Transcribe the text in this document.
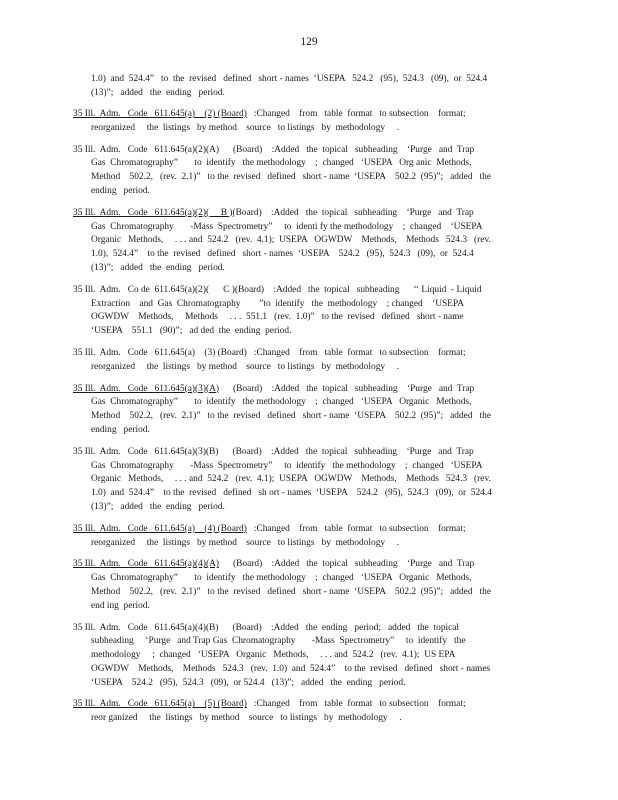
129
1.0)  and  524.4”   to  the  revised   defined   short - names  ‘USEPA   524.2   (95),  524.3   (09),  or  524.4
(13)”;   added   the  ending   period.
35 Ill.  Adm.   Code   611.645(a)    (2) (Board)   :Changed    from   table  format   to subsection    format;
reorganized     the  listings   by method    source   to listings   by  methodology     .
35 Ill.  Adm.   Code   611.645(a)(2)(A)      (Board)    :Added   the  topical   subheading    ‘Purge   and  Trap
Gas  Chromatography”       to  identify   the methodology    ;  changed   ‘USEPA   Org anic  Methods,
Method    502.2,   (rev.  2.1)”   to the  revised   defined   short - name  ‘USEPA    502.2  (95)”;   added   the
ending   period.
35 Ill.  Adm.   Code   611.645(a)(2)(     B )(Board)    :Added   the  topical   subheading    ‘Purge   and  Trap
Gas  Chromatography       -Mass  Spectrometry”     to  identi fy the methodology    ;  changed    ‘USEPA
Organic   Methods,     . . . and  524.2   (rev.  4.1);  USEPA   OGWDW    Methods,    Methods   524.3   (rev.
1.0),  524.4”    to the  revised   defined   short - names  ‘USEPA    524.2   (95),  524.3   (09),  or  524.4
(13)”;   added   the  ending   period.
35 Ill.  Adm.   Co de  611.645(a)(2)(      C )(Board)    :Added   the  topical   subheading      ‘‘ Liquid  - Liquid
Extraction    and  Gas  Chromatography        ”to  identify   the  methodology    ; changed    ‘USEPA
OGWDW    Methods,     Methods     . . .  551.1   (rev.  1.0)”   to the  revised   defined   short - name
‘USEPA    551.1   (90)”;   ad ded  the  ending  period.
35 Ill.  Adm.   Code   611.645(a)    (3) (Board)   :Changed    from   table  format   to subsection    format;
reorganized     the  listings   by method    source   to listings   by  methodology     .
35 Ill.  Adm.   Code   611.645(a)(3)(A)      (Board)    :Added   the  topical   subheading    ‘Purge   and  Trap
Gas  Chromatography”       to  identify   the methodology    ;  changed   ‘USEPA   Organic   Methods,
Method    502.2,   (rev.  2.1)”   to the  revised   defined   short - name  ‘USEPA    502.2  (95)”;   added   the
ending   period.
35 Ill.  Adm.   Code   611.645(a)(3)(B)      (Board)    :Added   the  topical   subheading    ‘Purge   and  Trap
Gas  Chromatography       -Mass  Spectrometry”     to  identify   the methodology    ;  changed   ‘USEPA
Organic   Methods,     . . . and  524.2   (rev.  4.1);  USEPA   OGWDW    Methods,    Methods   524.3   (rev.
1.0)  and  524.4”    to the  revised   defined   sh ort - names  ‘USEPA    524.2   (95),  524.3   (09),  or  524.4
(13)”;   added   the  ending   period.
35 Ill.  Adm.   Code   611.645(a)    (4) (Board)   :Changed    from   table  format   to subsection    format;
reorganized     the  listings   by method    source   to listings   by  methodology     .
35 Ill.  Adm.   Code   611.645(a)(4)(A)      (Board)    :Added   the  topical   subheading    ‘Purge   and  Trap
Gas  Chromatography”       to  identify   the methodology    ;  changed   ‘USEPA   Organic   Methods,
Method    502.2,   (rev.  2.1)”   to the  revised   defined   short - name  ‘USEPA    502.2  (95)”;   added   the
end ing  period.
35 Ill.  Adm.   Code   611.645(a)(4)(B)      (Board)    :Added   the  ending   period;   added   the  topical
subheading     ‘Purge   and Trap Gas  Chromatography       -Mass  Spectrometry”     to  identify   the
methodology     ;  changed   ‘USEPA   Organic   Methods,     . . . and  524.2   (rev.  4.1);  US EPA
OGWDW    Methods,    Methods   524.3   (rev.  1.0)  and  524.4”    to the  revised   defined   short - names
‘USEPA    524.2   (95),  524.3   (09),  or 524.4   (13)”;   added   the  ending   period.
35 Ill.  Adm.   Code   611.645(a)    (5) (Board)   :Changed    from   table  format   to subsection    format;
reor ganized     the  listings   by method    source   to listings   by  methodology     .
